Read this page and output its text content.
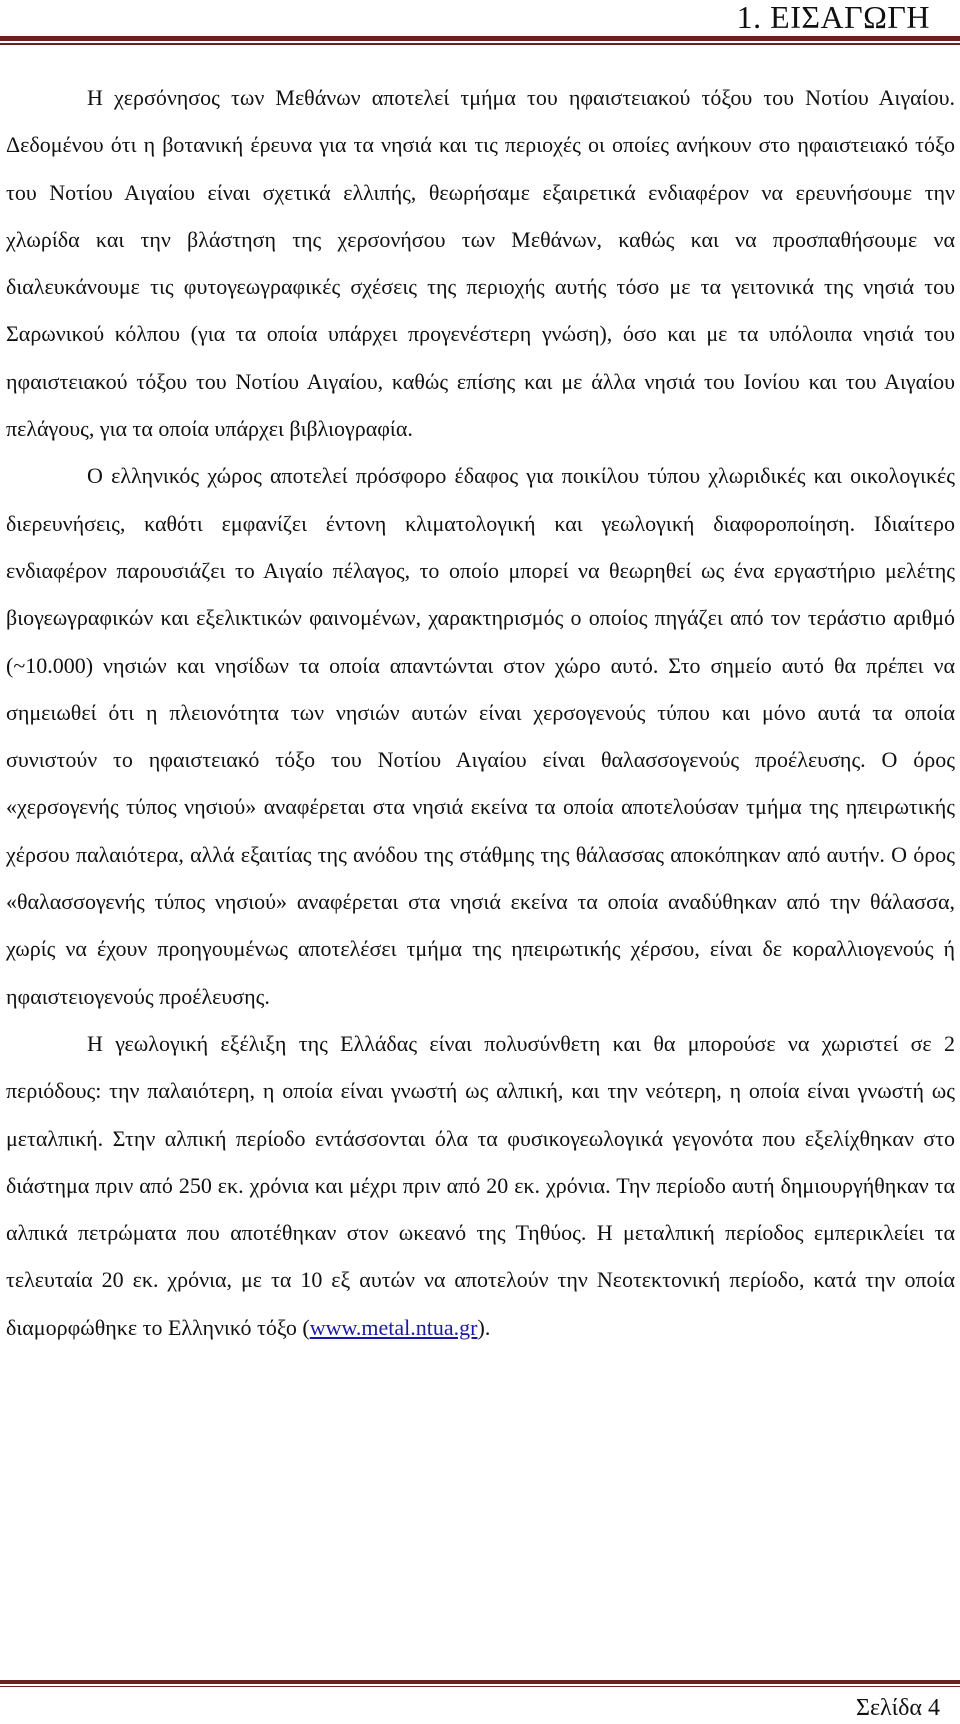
1. ΕΙΣΑΓΩΓΗ

Η χερσόνησος των Μεθάνων αποτελεί τμήμα του ηφαιστειακού τόξου του Νοτίου Αιγαίου. Δεδομένου ότι η βοτανική έρευνα για τα νησιά και τις περιοχές οι οποίες ανήκουν στο ηφαιστειακό τόξο του Νοτίου Αιγαίου είναι σχετικά ελλιπής, θεωρήσαμε εξαιρετικά ενδιαφέρον να ερευνήσουμε την χλωρίδα και την βλάστηση της χερσονήσου των Μεθάνων, καθώς και να προσπαθήσουμε να διαλευκάνουμε τις φυτογεωγραφικές σχέσεις της περιοχής αυτής τόσο με τα γειτονικά της νησιά του Σαρωνικού κόλπου (για τα οποία υπάρχει προγενέστερη γνώση), όσο και με τα υπόλοιπα νησιά του ηφαιστειακού τόξου του Νοτίου Αιγαίου, καθώς επίσης και με άλλα νησιά του Ιονίου και του Αιγαίου πελάγους, για τα οποία υπάρχει βιβλιογραφία.

Ο ελληνικός χώρος αποτελεί πρόσφορο έδαφος για ποικίλου τύπου χλωριδικές και οικολογικές διερευνήσεις, καθότι εμφανίζει έντονη κλιματολογική και γεωλογική διαφοροποίηση. Ιδιαίτερο ενδιαφέρον παρουσιάζει το Αιγαίο πέλαγος, το οποίο μπορεί να θεωρηθεί ως ένα εργαστήριο μελέτης βιογεωγραφικών και εξελικτικών φαινομένων, χαρακτηρισμός ο οποίος πηγάζει από τον τεράστιο αριθμό (~10.000) νησιών και νησίδων τα οποία απαντώνται στον χώρο αυτό. Στο σημείο αυτό θα πρέπει να σημειωθεί ότι η πλειονότητα των νησιών αυτών είναι χερσογενούς τύπου και μόνο αυτά τα οποία συνιστούν το ηφαιστειακό τόξο του Νοτίου Αιγαίου είναι θαλασσογενούς προέλευσης. Ο όρος «χερσογενής τύπος νησιού» αναφέρεται στα νησιά εκείνα τα οποία αποτελούσαν τμήμα της ηπειρωτικής χέρσου παλαιότερα, αλλά εξαιτίας της ανόδου της στάθμης της θάλασσας αποκόπηκαν από αυτήν. Ο όρος «θαλασσογενής τύπος νησιού» αναφέρεται στα νησιά εκείνα τα οποία αναδύθηκαν από την θάλασσα, χωρίς να έχουν προηγουμένως αποτελέσει τμήμα της ηπειρωτικής χέρσου, είναι δε κοραλλιογενούς ή ηφαιστειογενούς προέλευσης.

Η γεωλογική εξέλιξη της Ελλάδας είναι πολυσύνθετη και θα μπορούσε να χωριστεί σε 2 περιόδους: την παλαιότερη, η οποία είναι γνωστή ως αλπική, και την νεότερη, η οποία είναι γνωστή ως μεταλπική. Στην αλπική περίοδο εντάσσονται όλα τα φυσικογεωλογικά γεγονότα που εξελίχθηκαν στο διάστημα πριν από 250 εκ. χρόνια και μέχρι πριν από 20 εκ. χρόνια. Την περίοδο αυτή δημιουργήθηκαν τα αλπικά πετρώματα που αποτέθηκαν στον ωκεανό της Τηθύος. Η μεταλπική περίοδος εμπερικλείει τα τελευταία 20 εκ. χρόνια, με τα 10 εξ αυτών να αποτελούν την Νεοτεκτονική περίοδο, κατά την οποία διαμορφώθηκε το Ελληνικό τόξο (www.metal.ntua.gr).

Σελίδα 4
